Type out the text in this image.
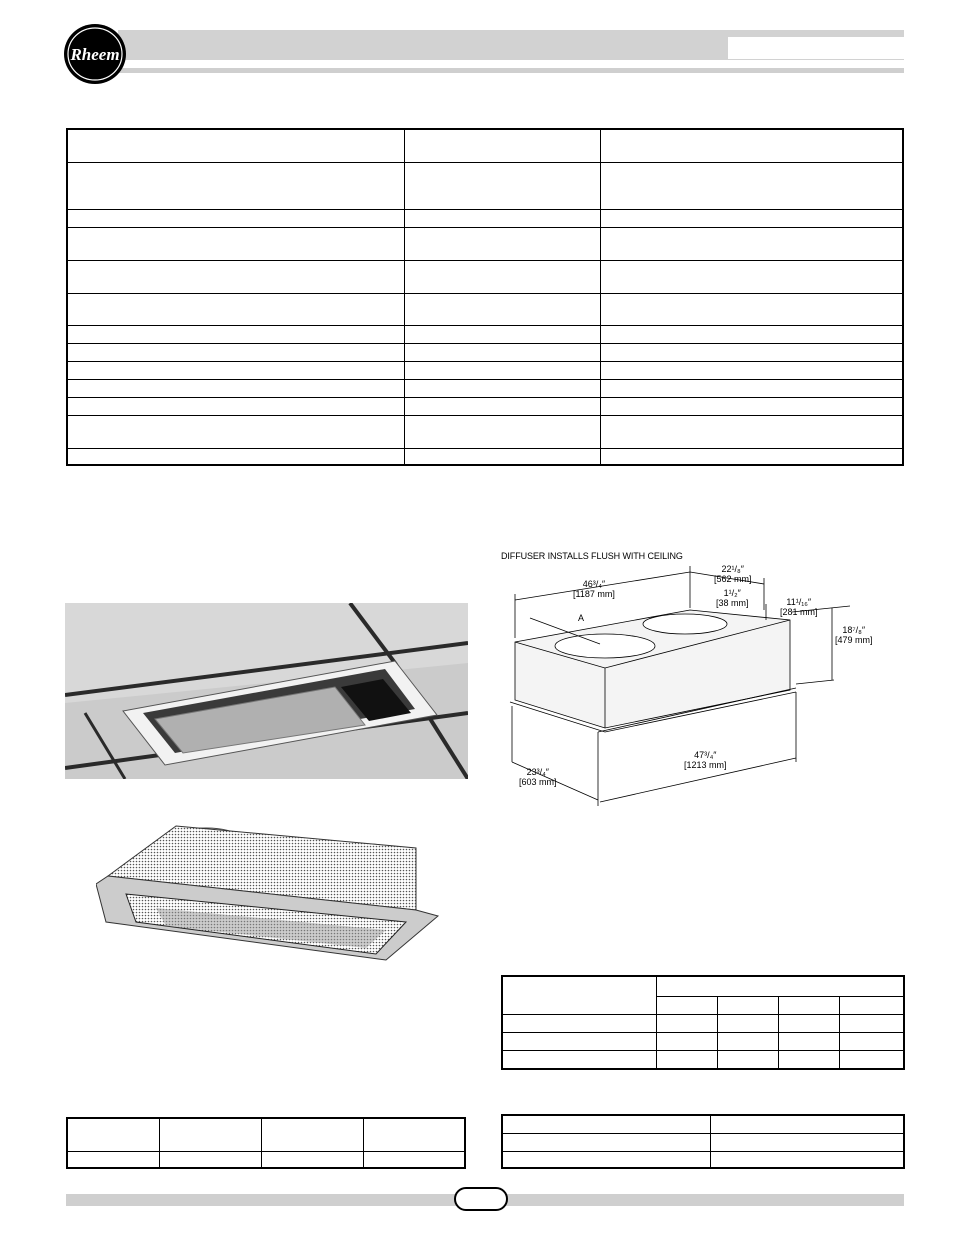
Rheem

DIFFUSER INSTALLS FLUSH WITH CEILING
46³/₄″
[1187 mm]
22¹/₈″
[562 mm]
1¹/₂″
[38 mm]	11¹/₁₆″
[281 mm]
18⁷/₈″
[479 mm]
A
47³/₄″
[1213 mm]
23³/₄″
[603 mm]
